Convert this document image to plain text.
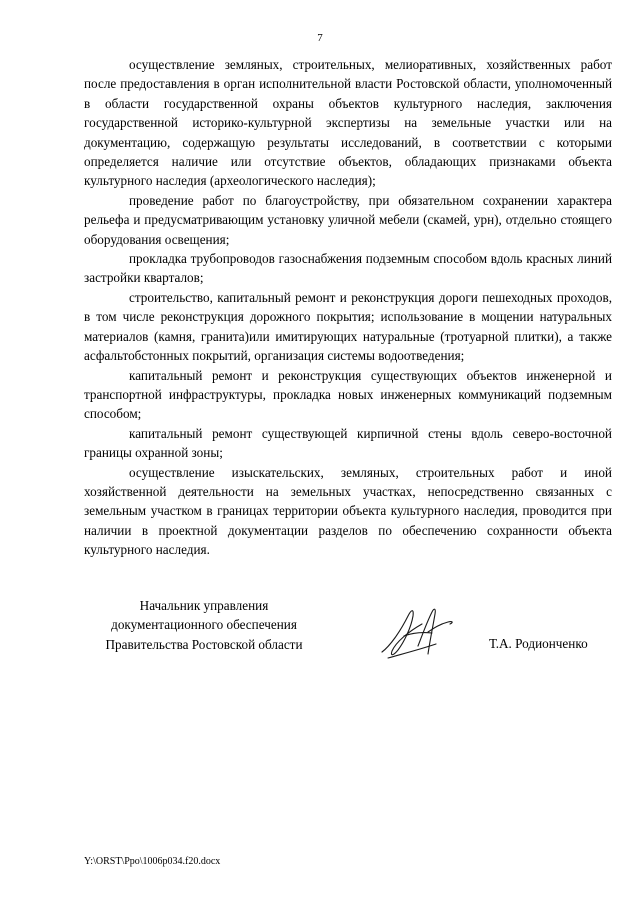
7

осуществление земляных, строительных, мелиоративных, хозяйственных работ после предоставления в орган исполнительной власти Ростовской области, уполномоченный в области государственной охраны объектов культурного наследия, заключения государственной историко-культурной экспертизы на земельные участки или на документацию, содержащую результаты исследований, в соответствии с которыми определяется наличие или отсутствие объектов, обладающих признаками объекта культурного наследия (археологического наследия);

проведение работ по благоустройству, при обязательном сохранении характера рельефа и предусматривающим установку уличной мебели (скамей, урн), отдельно стоящего оборудования освещения;

прокладка трубопроводов газоснабжения подземным способом вдоль красных линий застройки кварталов;

строительство, капитальный ремонт и реконструкция дороги пешеходных проходов, в том числе реконструкция дорожного покрытия; использование в мощении натуральных материалов (камня, гранита)или имитирующих натуральные (тротуарной плитки), а также асфальтобстонных покрытий, организация системы водоотведения;

капитальный ремонт и реконструкция существующих объектов инженерной и транспортной инфраструктуры, прокладка новых инженерных коммуникаций подземным способом;

капитальный ремонт существующей кирпичной стены вдоль северо-восточной границы охранной зоны;

осуществление изыскательских, земляных, строительных работ и иной хозяйственной деятельности на земельных участках, непосредственно связанных с земельным участком в границах территории объекта культурного наследия, проводится при наличии в проектной документации разделов по обеспечению сохранности объекта культурного наследия.

Начальник управления
документационного обеспечения
Правительства Ростовской области	Т.А. Родионченко
Y:\ORST\Ppo\1006p034.f20.docx
